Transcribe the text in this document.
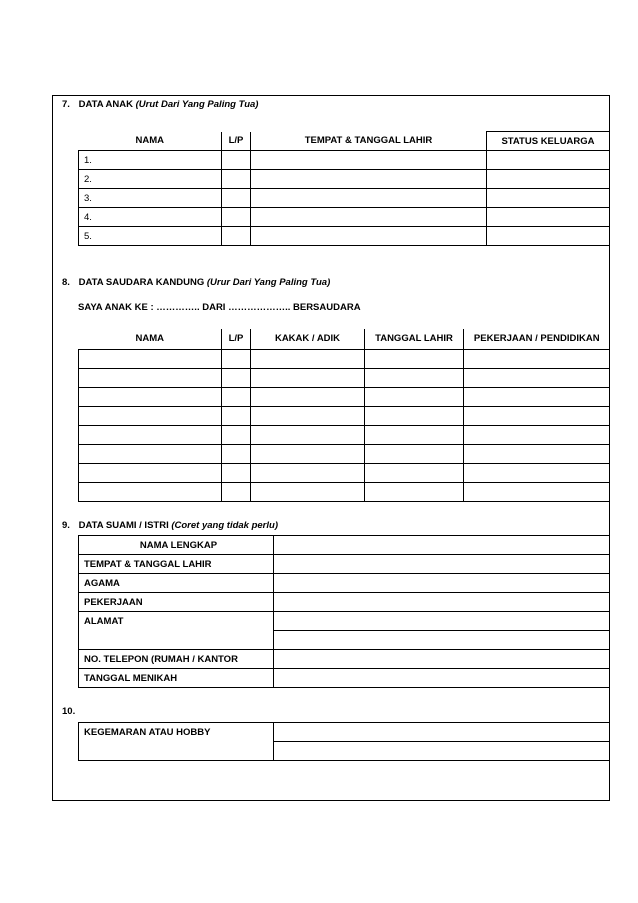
7. DATA ANAK (Urut Dari Yang Paling Tua)
NAMA	L/P	TEMPAT & TANGGAL LAHIR	STATUS KELUARGA
1.			
2.			
3.			
4.			
5.			
8. DATA SAUDARA KANDUNG (Urur Dari Yang Paling Tua)
SAYA ANAK KE : ………….. DARI ……………….. BERSAUDARA
NAMA	L/P	KAKAK / ADIK	TANGGAL LAHIR	PEKERJAAN / PENDIDIKAN

9. DATA SUAMI / ISTRI (Coret yang tidak perlu)
NAMA LENGKAP	
TEMPAT & TANGGAL LAHIR	
AGAMA	
PEKERJAAN	
ALAMAT	

NO. TELEPON (RUMAH / KANTOR	
TANGGAL MENIKAH	
10.
KEGEMARAN ATAU HOBBY	
